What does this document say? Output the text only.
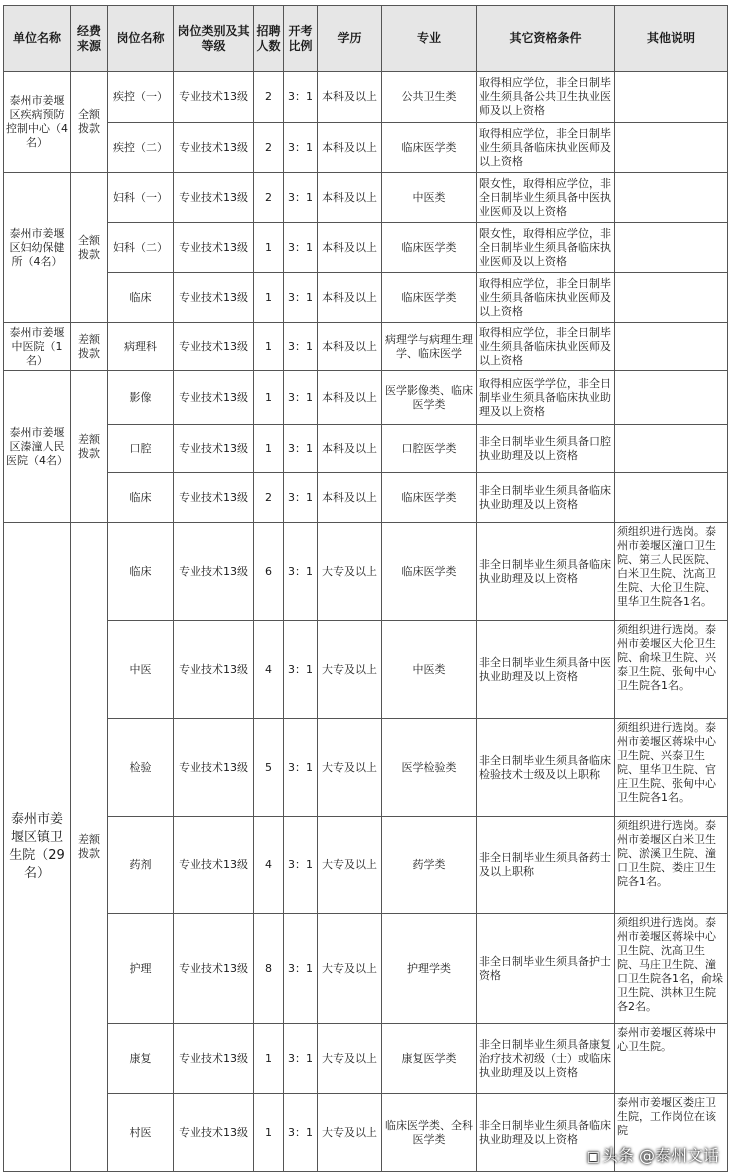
单位名称	经费来源	岗位名称	岗位类别及其等级	招聘人数	开考比例	学历	专业	其它资格条件	其他说明
泰州市姜堰区疾病预防控制中心（4名）	全额拨款	疾控（一）	专业技术13级	2	3：1	本科及以上	公共卫生类	取得相应学位，非全日制毕业生须具备公共卫生执业医师及以上资格	
		疾控（二）	专业技术13级	2	3：1	本科及以上	临床医学类	取得相应学位，非全日制毕业生须具备临床执业医师及以上资格	
泰州市姜堰区妇幼保健所（4名）	全额拨款	妇科（一）	专业技术13级	2	3：1	本科及以上	中医类	限女性，取得相应学位，非全日制毕业生须具备中医执业医师及以上资格	
		妇科（二）	专业技术13级	1	3：1	本科及以上	临床医学类	限女性，取得相应学位，非全日制毕业生须具备临床执业医师及以上资格	
		临床	专业技术13级	1	3：1	本科及以上	临床医学类	取得相应学位，非全日制毕业生须具备临床执业医师及以上资格	
泰州市姜堰中医院（1名）	差额拨款	病理科	专业技术13级	1	3：1	本科及以上	病理学与病理生理学、临床医学	取得相应学位，非全日制毕业生须具备临床执业医师及以上资格	
泰州市姜堰区溱潼人民医院（4名）	差额拨款	影像	专业技术13级	1	3：1	本科及以上	医学影像类、临床医学类	取得相应医学学位，非全日制毕业生须具备临床执业助理及以上资格	
		口腔	专业技术13级	1	3：1	本科及以上	口腔医学类	非全日制毕业生须具备口腔执业助理及以上资格	
		临床	专业技术13级	2	3：1	本科及以上	临床医学类	非全日制毕业生须具备临床执业助理及以上资格	
泰州市姜堰区镇卫生院（29名）	差额拨款	临床	专业技术13级	6	3：1	大专及以上	临床医学类	非全日制毕业生须具备临床执业助理及以上资格	须组织进行选岗。泰州市姜堰区潼口卫生院、第三人民医院、白米卫生院、沈高卫生院、大伦卫生院、里华卫生院各1名。
		中医	专业技术13级	4	3：1	大专及以上	中医类	非全日制毕业生须具备中医执业助理及以上资格	须组织进行选岗。泰州市姜堰区大伦卫生院、俞垛卫生院、兴泰卫生院、张甸中心卫生院各1名。
		检验	专业技术13级	5	3：1	大专及以上	医学检验类	非全日制毕业生须具备临床检验技术士级及以上职称	须组织进行选岗。泰州市姜堰区蒋垛中心卫生院、兴泰卫生院、里华卫生院、官庄卫生院、张甸中心卫生院各1名。
		药剂	专业技术13级	4	3：1	大专及以上	药学类	非全日制毕业生须具备药士及以上职称	须组织进行选岗。泰州市姜堰区白米卫生院、淤溪卫生院、潼口卫生院、娄庄卫生院各1名。
		护理	专业技术13级	8	3：1	大专及以上	护理学类	非全日制毕业生须具备护士资格	须组织进行选岗。泰州市姜堰区蒋垛中心卫生院、沈高卫生院、马庄卫生院、潼口卫生院各1名，俞垛卫生院、洪林卫生院各2名。
		康复	专业技术13级	1	3：1	大专及以上	康复医学类	非全日制毕业生须具备康复治疗技术初级（士）或临床执业助理及以上资格	泰州市姜堰区蒋垛中心卫生院。
		村医	专业技术13级	1	3：1	大专及以上	临床医学类、全科医学类	非全日制毕业生须具备临床执业助理及以上资格	泰州市姜堰区娄庄卫生院，工作岗位在该院
▣ 头条 @泰州文话
